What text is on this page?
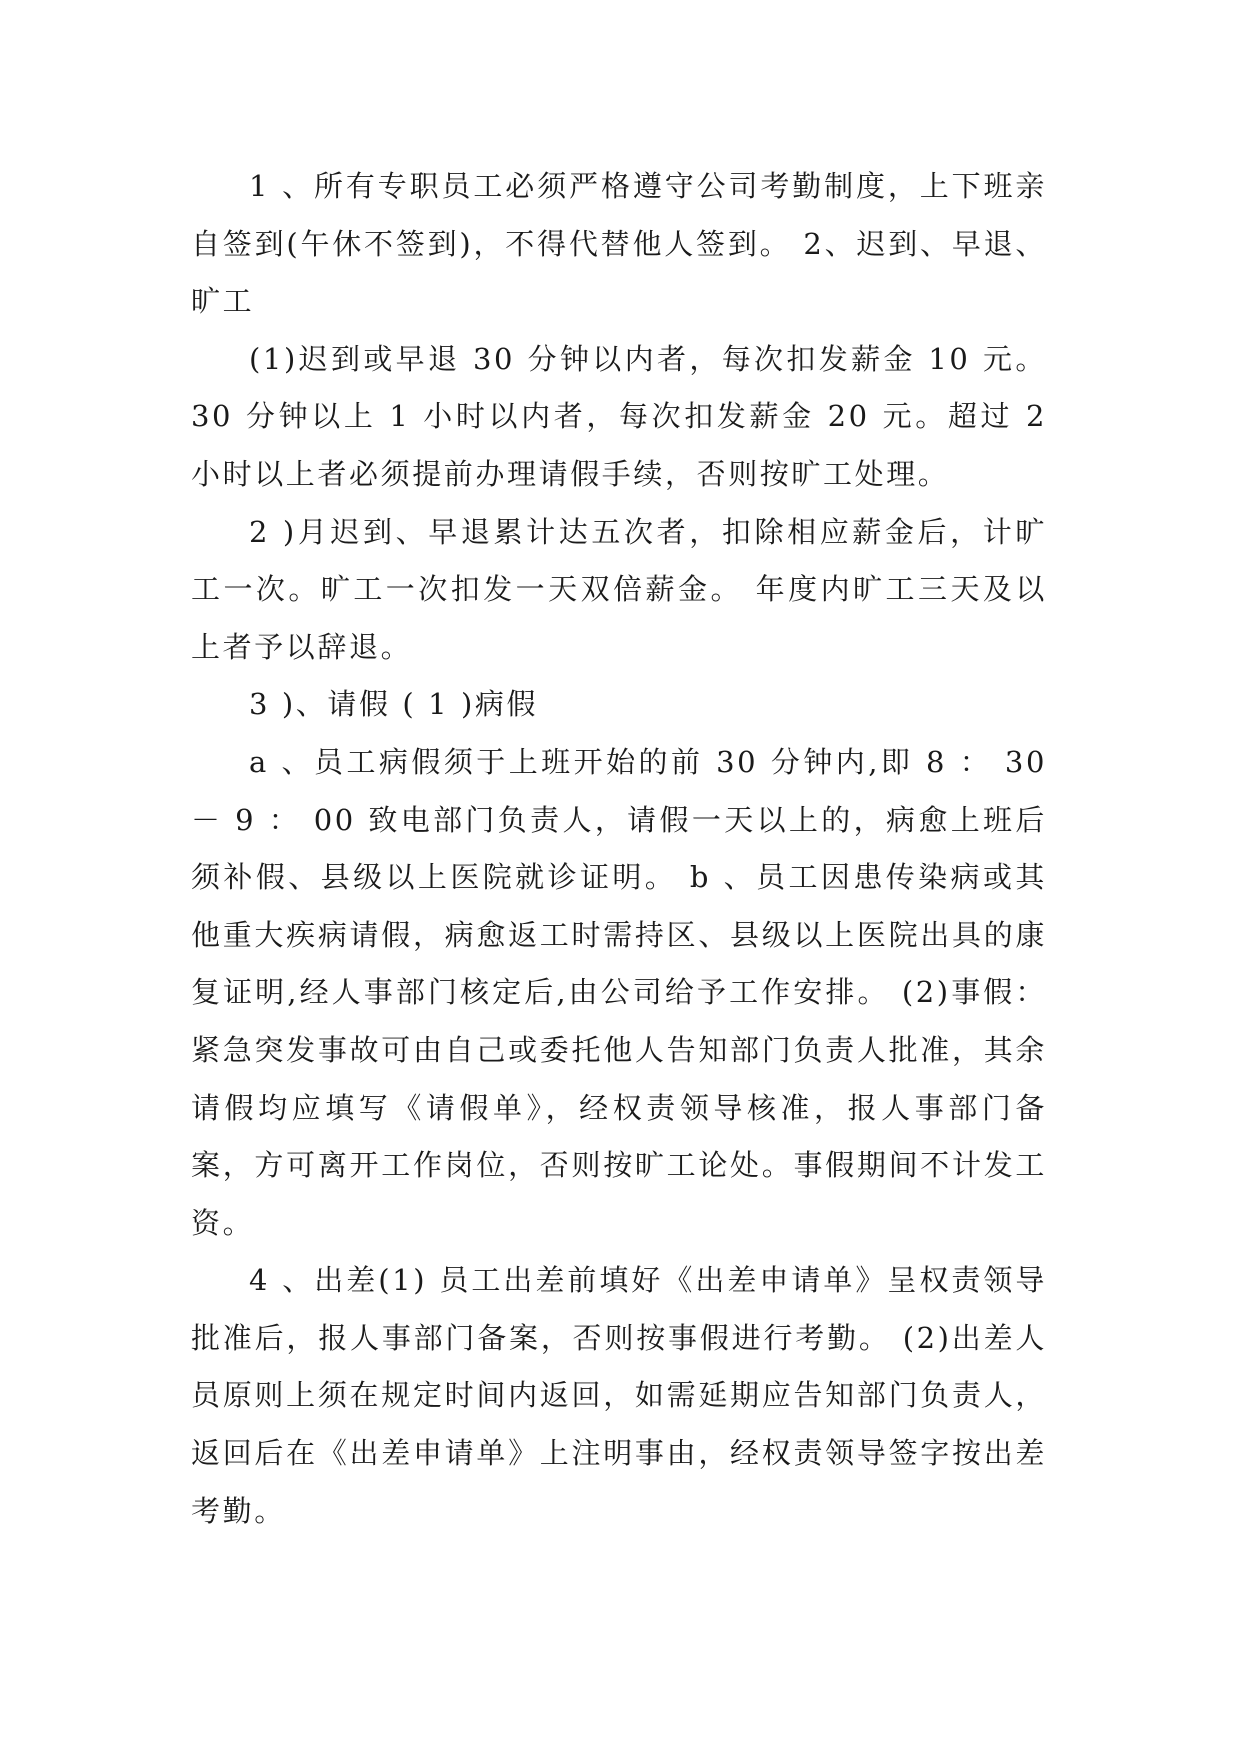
1 、所有专职员工必须严格遵守公司考勤制度，上下班亲自签到(午休不签到)，不得代替他人签到。 2、迟到、早退、旷工

(1)迟到或早退 30 分钟以内者，每次扣发薪金 10 元。30 分钟以上 1 小时以内者，每次扣发薪金 20 元。超过 2 小时以上者必须提前办理请假手续，否则按旷工处理。

2 )月迟到、早退累计达五次者，扣除相应薪金后，计旷工一次。旷工一次扣发一天双倍薪金。 年度内旷工三天及以上者予以辞退。

3 )、请假 ( 1 )病假

a 、员工病假须于上班开始的前 30 分钟内,即 8 ： 30 － 9 ： 00 致电部门负责人，请假一天以上的，病愈上班后须补假、县级以上医院就诊证明。 b 、员工因患传染病或其他重大疾病请假，病愈返工时需持区、县级以上医院出具的康复证明,经人事部门核定后,由公司给予工作安排。 (2)事假：紧急突发事故可由自己或委托他人告知部门负责人批准，其余请假均应填写《请假单》，经权责领导核准，报人事部门备案，方可离开工作岗位，否则按旷工论处。事假期间不计发工资。

4 、出差(1) 员工出差前填好《出差申请单》呈权责领导批准后，报人事部门备案，否则按事假进行考勤。 (2)出差人员原则上须在规定时间内返回，如需延期应告知部门负责人，返回后在《出差申请单》上注明事由，经权责领导签字按出差考勤。
